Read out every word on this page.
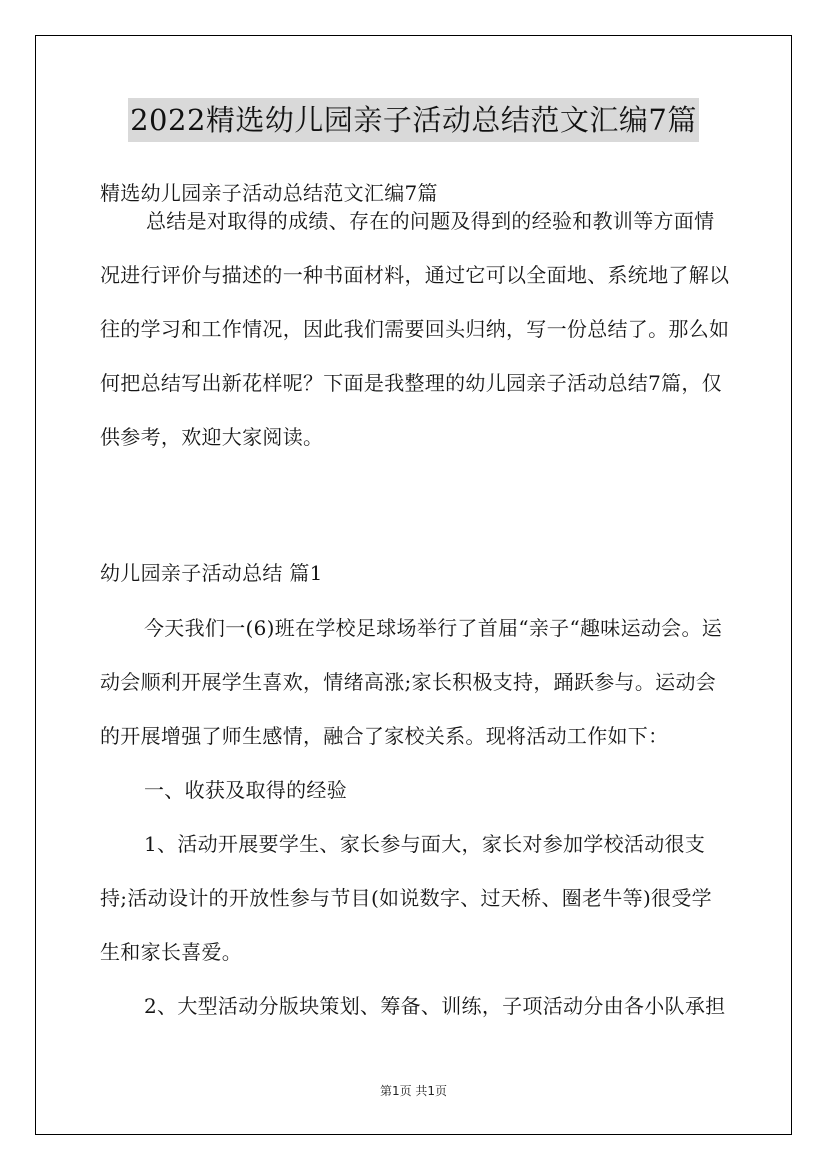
2022精选幼儿园亲子活动总结范文汇编7篇
精选幼儿园亲子活动总结范文汇编7篇
总结是对取得的成绩、存在的问题及得到的经验和教训等方面情况进行评价与描述的一种书面材料，通过它可以全面地、系统地了解以往的学习和工作情况，因此我们需要回头归纳，写一份总结了。那么如何把总结写出新花样呢？下面是我整理的幼儿园亲子活动总结7篇，仅供参考，欢迎大家阅读。
幼儿园亲子活动总结 篇1
今天我们一(6)班在学校足球场举行了首届“亲子“趣味运动会。运动会顺利开展学生喜欢，情绪高涨;家长积极支持，踊跃参与。运动会的开展增强了师生感情，融合了家校关系。现将活动工作如下：
一、收获及取得的经验
1、活动开展要学生、家长参与面大，家长对参加学校活动很支持;活动设计的开放性参与节目(如说数字、过天桥、圈老牛等)很受学生和家长喜爱。
2、大型活动分版块策划、筹备、训练，子项活动分由各小队承担
第1页 共1页
